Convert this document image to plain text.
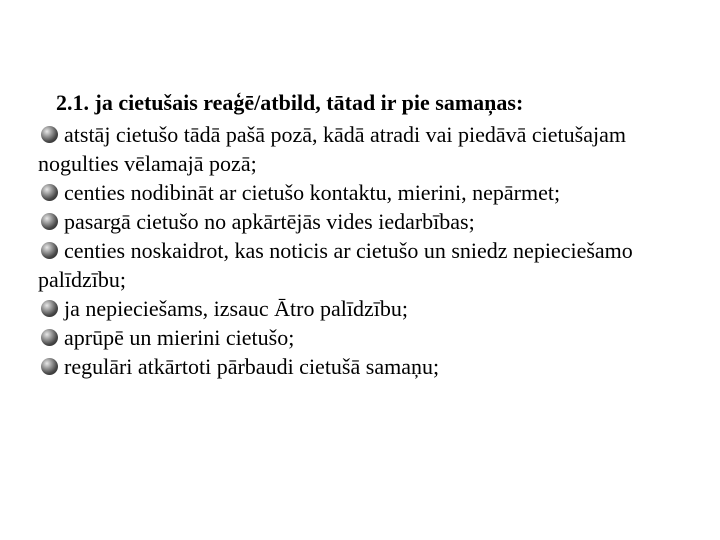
2.1. ja cietušais reaģē/atbild, tātad ir pie samaņas:

atstāj cietušo tādā pašā pozā, kādā atradi vai piedāvā cietušajam nogulties vēlamajā pozā;
centies nodibināt ar cietušo kontaktu, mierini, nepārmet;
pasargā cietušo no apkārtējās vides iedarbības;
centies noskaidrot, kas noticis ar cietušo un sniedz nepieciešamo palīdzību;
ja nepieciešams, izsauc Ātro palīdzību;
aprūpē un mierini cietušo;
regulāri atkārtoti pārbaudi cietušā samaņu;
